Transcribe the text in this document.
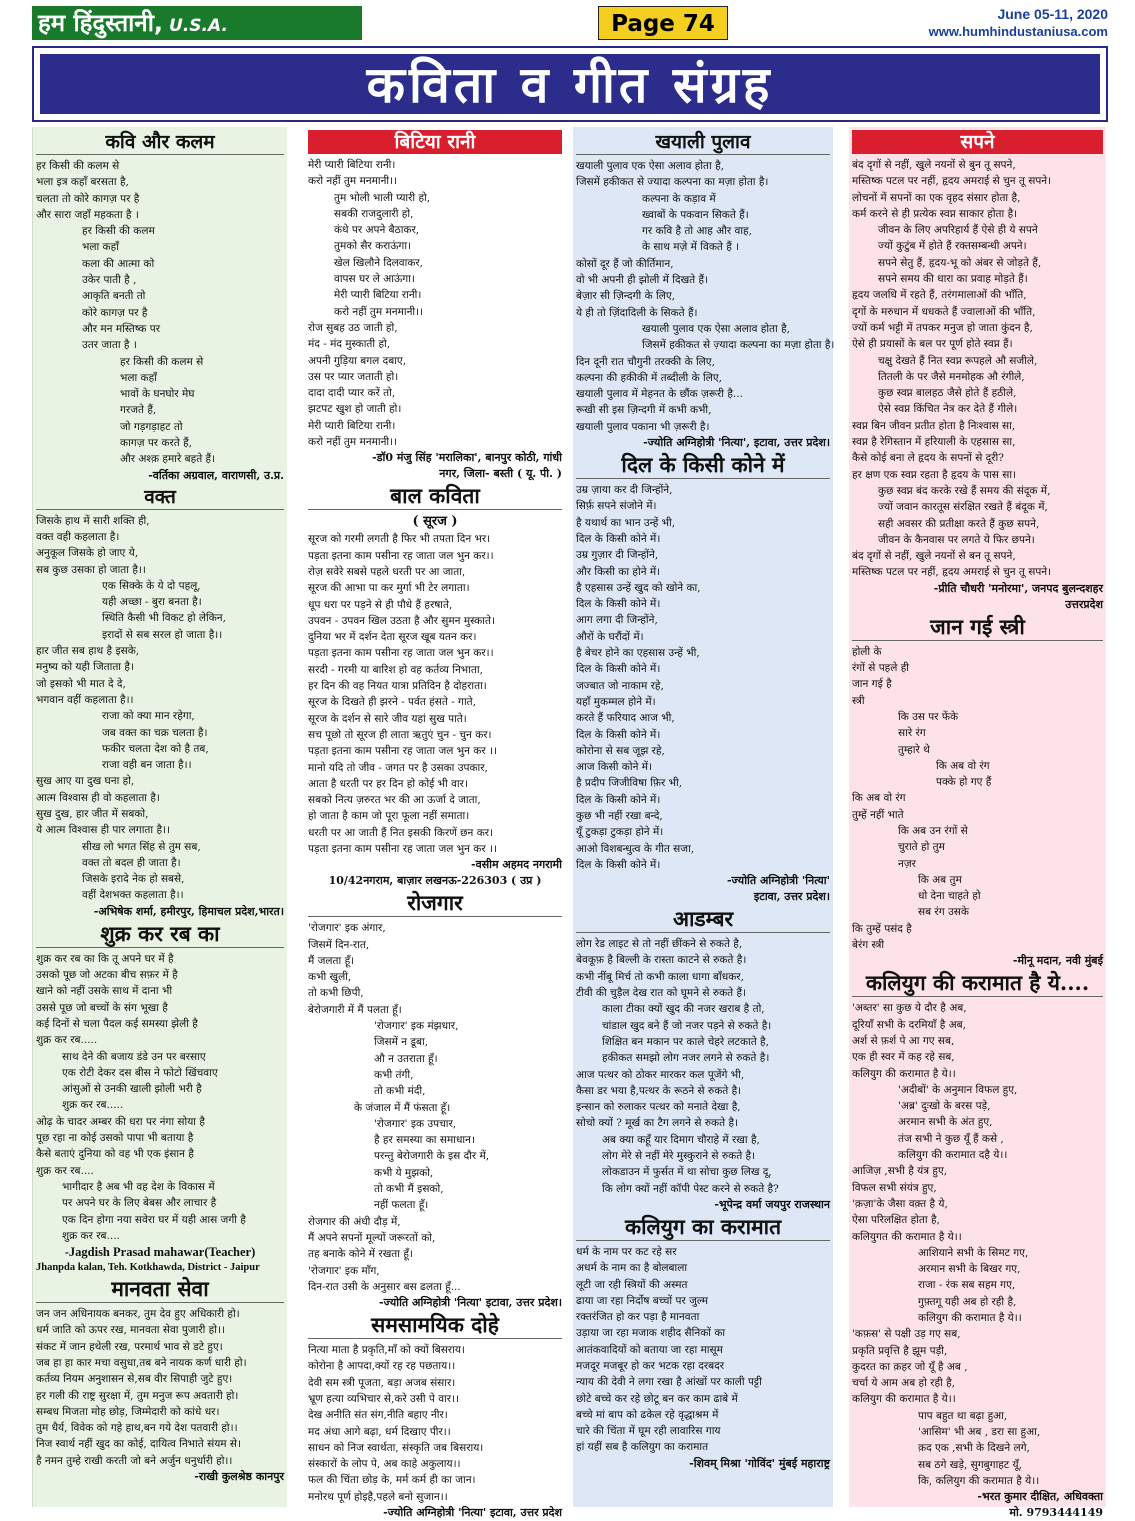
हम हिंदुस्तानी, U.S.A.	Page 74	June 05-11, 2020
www.humhindustaniusa.com
कविता व गीत संग्रह
कवि और कलम
हर किसी की कलम से
भला इत्र कहाँ बरसता है,
चलता तो कोरे कागज़ पर है
और सारा जहाँ महकता है ।
हर किसी की कलम
भला कहाँ
कला की आत्मा को
उकेर पाती है ,
आकृति बनती तो
कोरे कागज़ पर है
और मन मस्तिष्क पर
उतर जाता है ।
हर किसी की कलम से
भला कहाँ
भावों के घनघोर मेघ
गरजते हैं,
जो गड़गड़ाहट तो
कागज़ पर करते हैं,
और अश्क़ हमारे बहते हैं।
-वर्तिका अग्रवाल, वाराणसी, उ.प्र.
वक्त
जिसके हाथ में सारी शक्ति ही,
वक्त वही कहलाता है।
अनुकूल जिसके हो जाए ये,
सब कुछ उसका हो जाता है।।
एक सिक्के के ये दो पहलू,
यही अच्छा - बुरा बनता है।
स्थिति कैसी भी विकट हो लेकिन,
इरादों से सब सरल हो जाता है।।
हार जीत सब हाथ है इसके,
मनुष्य को यही जिताता है।
जो इसको भी मात दे दे,
भगवान वहीं कहलाता है।।
राजा को क्या मान रहेगा,
जब वक्त का चक्र चलता है।
फकीर चलता देश को है तब,
राजा वही बन जाता है।।
सुख आए या दुख घना हो,
आत्म विश्वास ही वो कहलाता है।
सुख दुख, हार जीत में सबको,
ये आत्म विश्वास ही पार लगाता है।।
सीख लो भगत सिंह से तुम सब,
वक्त तो बदल ही जाता है।
जिसके इरादे नेक हो सबसे,
वहीं देशभक्त कहलाता है।।
-अभिषेक शर्मा, हमीरपुर, हिमाचल प्रदेश,भारत।
शुक्र कर रब का
शुक्र कर रब का कि तू अपने घर में है
उसको पूछ जो अटका बीच सफ़र में है
खाने को नहीं उसके साथ में दाना भी
उससे पूछ जो बच्चों के संग भूखा है
कई दिनों से चला पैदल कई समस्या झेली है
शुक्र कर रब.....
साथ देने की बजाय डंडे उन पर बरसाए
एक रोटी देकर दस बीस ने फोटो खिंचवाए
आंसुओं से उनकी खाली झोली भरी है
शुक्र कर रब.....
ओढ़ के चादर अम्बर की धरा पर नंगा सोया है
पूछ रहा ना कोई उसको पापा भी बताया है
कैसे बताएं दुनिया को वह भी एक इंसान है
शुक्र कर रब....
भागीदार है अब भी वह देश के विकास में
पर अपने घर के लिए बेबस और लाचार है
एक दिन होगा नया सवेरा घर में यही आस जगी है
शुक्र कर रब....
-Jagdish Prasad mahawar(Teacher)
Jhanpda kalan, Teh. Kotkhawda, District - Jaipur
मानवता सेवा
जन जन अधिनायक बनकर, तुम देव हुए अधिकारी हो।
धर्म जाति को ऊपर रख, मानवता सेवा पुजारी हो।।
संकट में जान हथेली रख, परमार्थ भाव से डटे हुए।
जब हा हा कार मचा वसुधा,तब बने नायक कर्ण धारी हो।
कर्तव्य नियम अनुशासन से,सब वीर सिपाही जुटे हुए।
हर गली की राष्ट्र सुरक्षा में, तुम मनुज रूप अवतारी हो।
सम्बध मिजता मोह छोड़, जिम्मेदारी को कांधे धर।
तुम धैर्य, विवेक को गहे हाथ,बन गये देश पतवारी हो।।
निज स्वार्थ नहीं खुद का कोई, दायित्व निभाते संयम से।
है नमन तुम्हे राखी करती जो बने अर्जुन धनुर्धारी हो।।
-राखी कुलश्रेष्ठ कानपुर
बिटिया रानी
मेरी प्यारी बिटिया रानी।
करो नहीं तुम मनमानी।।
तुम भोली भाली प्यारी हो,
सबकी राजदुलारी हो,
कंधे पर अपने बैठाकर,
तुमको सैर कराऊंगा।
खेल खिलौने दिलवाकर,
वापस घर ले आऊंगा।
मेरी प्यारी बिटिया रानी।
करो नहीं तुम मनमानी।।
रोज सुबह उठ जाती हो,
मंद - मंद मुस्काती हो,
अपनी गुड़िया बगल दबाए,
उस पर प्यार जताती हो।
दादा दादी प्यार करें तो,
झटपट खुश हो जाती हो।
मेरी प्यारी बिटिया रानी।
करो नहीं तुम मनमानी।।
-डॉ0 मंजु सिंह 'मरालिका', बानपुर कोठी, गांधी
नगर, जिला- बस्ती ( यू. पी. )
बाल कविता
( सूरज )
सूरज को गरमी लगती है फिर भी तपता दिन भर।
पड़ता इतना काम पसीना रह जाता जल भुन कर।।
रोज़ सवेरे सबसे पहले धरती पर आ जाता,
सूरज की आभा पा कर मुर्गा भी टेर लगाता।
धूप धरा पर पड़ने से ही पौधे हैं हरषाते,
उपवन - उपवन खिल उठता है और सुमन मुस्काते।
दुनिया भर में दर्शन देता सूरज खूब यतन कर।
पड़ता इतना काम पसीना रह जाता जल भुन कर।।
सरदी - गरमी या बारिश हो वह कर्तव्य निभाता,
हर दिन की वह नियत यात्रा प्रतिदिन है दोहराता।
सूरज के दिखते ही झरने - पर्वत हंसते - गाते,
सूरज के दर्शन से सारे जीव यहां सुख पाते।
सच पूछो तो सूरज ही लाता ऋतुएं चुन - चुन कर।
पड़ता इतना काम पसीना रह जाता जल भुन कर ।।
मानो यदि तो जीव - जगत पर है उसका उपकार,
आता है धरती पर हर दिन हो कोई भी वार।
सबको नित्य ज़रुरत भर की आ ऊर्जा दे जाता,
हो जाता है काम जो पूरा फूला नहीं समाता।
धरती पर आ जाती हैं नित इसकी किरणें छन कर।
पड़ता इतना काम पसीना रह जाता जल भुन कर ।।
-वसीम अहमद नगरामी
10/42नगराम, बाज़ार लखनऊ-226303 ( उप्र )
रोजगार
'रोजगार' इक अंगार,
जिसमें दिन-रात,
मैं जलता हूँ।
कभी खुली,
तो कभी छिपी,
बेरोजगारी में मैं पलता हूँ।
'रोजगार' इक मंझधार,
जिसमें न डूबा,
औ न उतराता हूँ।
कभी तंगी,
तो कभी मंदी,
के जंजाल में मैं फंसता हूँ।
'रोजगार' इक उपचार,
है हर समस्या का समाधान।
परन्तु बेरोजगारी के इस दौर में,
कभी ये मुझको,
तो कभी मैं इसको,
नहीं फलता हूँ।
रोजगार की अंधी दौड़ में,
मैं अपने सपनों मूल्यों जरूरतों को,
तह बनाके कोने में रखता हूँ।
'रोजगार' इक माँग,
दिन-रात उसी के अनुसार बस ढलता हूँ...
-ज्योति अग्निहोत्री 'नित्या' इटावा, उत्तर प्रदेश।
समसामयिक दोहे
नित्या माता है प्रकृति,माँ को क्यों बिसराय।
कोरोना है आपदा,क्यों रह रह पछताय।।
देवी सम स्त्री पूजता, बड़ा अजब संसार।
भ्रूण हत्या व्यभिचार से,करे उसी पे वार।।
देख अनीति संत संग,नीति बहाए नीर।
मद अंधा आगे बढ़ा, धर्म दिखाए पीर।।
साधन को निज स्वार्थता, संस्कृति जब बिसराय।
संस्कारों के लोप पे, अब काहे अकुलाय।।
फल की चिंता छोड़ के, मर्म कर्म ही का जान।
मनोरथ पूर्ण होइहै,पहले बनो सुजान।।
-ज्योति अग्निहोत्री 'नित्या' इटावा, उत्तर प्रदेश
खयाली पुलाव
खयाली पुलाव एक ऐसा अलाव होता है,
जिसमें हकीकत से ज्यादा कल्पना का मज़ा होता है।
कल्पना के कड़ाव में
ख्वाबों के पकवान सिकते हैं।
गर कवि है तो आह और वाह,
के साथ मज़े में विकते हैं ।
कोसों दूर हैं जो कीर्तिमान,
वो भी अपनी ही झोली में दिखते हैं।
बेज़ार सी ज़िन्दगी के लिए,
ये ही तो ज़िंदादिली के सिकते हैं।
खयाली पुलाव एक ऐसा अलाव होता है,
जिसमें हकीकत से ज़्यादा कल्पना का मज़ा होता है।
दिन दूनी रात चौगुनी तरक्की के लिए,
कल्पना की हकीकी में तब्दीली के लिए,
खयाली पुलाव में मेहनत के छौंक ज़रूरी है...
रूखी सी इस ज़िन्दगी में कभी कभी,
खयाली पुलाव पकाना भी ज़रूरी है।
-ज्योति अग्निहोत्री 'नित्या', इटावा, उत्तर प्रदेश।
दिल के किसी कोने में
उम्र ज़ाया कर दी जिन्होंने,
सिर्फ़ सपने संजोने में।
है यथार्थ का भान उन्हें भी,
दिल के किसी कोने में।
उम्र गुज़ार दी जिन्होंने,
और किसी का होने में।
है एहसास उन्हें खुद को खोने का,
दिल के किसी कोने में।
आग लगा दी जिन्होंने,
औरों के घरौंदों में।
है बेचर होने का एहसास उन्हें भी,
दिल के किसी कोने में।
जज्बात जो नाकाम रहे,
यहाँ मुकम्मल होने में।
करते हैं फरियाद आज भी,
दिल के किसी कोने में।
कोरोना से सब जूझ रहे,
आज किसी कोने में।
है प्रदीप जिजीविषा फ़िर भी,
दिल के किसी कोने में।
कुछ भी नहीं रखा बन्दे,
यूँ टुकड़ा टुकड़ा होने में।
आओ विशबन्धुत्व के गीत सजा,
दिल के किसी कोने में।
-ज्योति अग्निहोत्री 'नित्या'
इटावा, उत्तर प्रदेश।
आडम्बर
लोग रेड लाइट से तो नहीं छींकने से रुकते है,
बेवकूफ़ है बिल्ली के रास्ता काटने से रुकते है।
कभी नींबू मिर्च तो कभी काला धागा बाँधकर,
टीवी की चुड़ैल देख रात को घूमने से रुकते हैं।
काला टीका क्यों खुद की नजर खराब है तो,
चांडाल खुद बने हैं जो नजर पड़ने से रुकते है।
शिक्षित बन मकान पर काले चेहरे लटकाते है,
हकीकत समझो लोग नजर लगने से रुकते है।
आज पत्थर को ठोकर मारकर कल पूजेंगे भी,
कैसा डर भया है,पत्थर के रूठने से रुकते है।
इन्सान को रुलाकर पत्थर को मनाते देखा है,
सोचो क्यों ? मूर्ख का टैग लगने से रुकते है।
अब क्या कहूँ यार दिमाग चौराहे में रखा है,
लोग मेरे से नहीं मेरे मुस्कुराने से रुकते है।
लोकडाउन में फुर्सत में था सोचा कुछ लिख दू,
कि लोग क्यों नहीं कॉपी पेस्ट करने से रुकते है?
-भूपेन्द्र वर्मा जयपुर राजस्थान
कलियुग का करामात
धर्म के नाम पर कट रहे सर
अधर्म के नाम का है बोलबाला
लूटी जा रही स्त्रियों की अस्मत
ढाया जा रहा निर्दोष बच्चों पर जुल्म
रक्तरंजित हो कर पड़ा है मानवता
उड़ाया जा रहा मजाक शहीद सैनिकों का
आतंकवादियों को बताया जा रहा मासूम
मजदूर मजबूर हो कर भटक रहा दरबदर
न्याय की देवी ने लगा रखा है आंखों पर काली पट्टी
छोटे बच्चे कर रहे छोटू बन कर काम ढाबे में
बच्चे मां बाप को ढकेल रहे वृद्धाश्रम में
चारे की चिंता में घूम रही लावारिस गाय
हां यहीं सब है कलियुग का करामात
-शिवम् मिश्रा 'गोविंद' मुंबई महाराष्ट्र
सपने
बंद दृगों से नहीं, खुले नयनों से बुन तू सपने,
मस्तिष्क पटल पर नहीं, हृदय अमराई से चुन तू सपने।
लोचनों में सपनों का एक वृहद संसार होता है,
कर्म करने से ही प्रत्येक स्वप्न साकार होता है।
जीवन के लिए अपरिहार्य हैं ऐसे ही ये सपने
ज्यों कुटुंब में होते हैं रक्तसम्बन्धी अपने।
सपने सेतु हैं, हृदय-भू को अंबर से जोड़ते हैं,
सपने समय की धारा का प्रवाह मोड़ते हैं।
हृदय जलधि में रहते हैं, तरंगमालाओं की भाँति,
दृगों के मरुधान में धधकते हैं ज्वालाओं की भाँति,
ज्यों कर्म भट्टी में तपकर मनुज हो जाता कुंदन है,
ऐसे ही प्रयासों के बल पर पूर्ण होते स्वप्न हैं।
चक्षु देखते हैं नित स्वप्न रूपहले औ सजीले,
तितली के पर जैसे मनमोहक औ रंगीले,
कुछ स्वप्न बालहठ जैसे होते हैं हठीले,
ऐसे स्वप्न किंचित नेत्र कर देते हैं गीले।
स्वप्न बिन जीवन प्रतीत होता है निःश्वास सा,
स्वप्न है रेगिस्तान में हरियाली के एहसास सा,
कैसे कोई बना ले हृदय के सपनों से दूरी?
हर क्षण एक स्वप्न रहता है हृदय के पास सा।
कुछ स्वप्न बंद करके रखे हैं समय की संदूक में,
ज्यों जवान कारतूस संरक्षित रखते हैं बंदूक में,
सही अवसर की प्रतीक्षा करते हैं कुछ सपने,
जीवन के कैनवास पर लगते ये फिर छपने।
बंद दृगों से नहीं, खुले नयनों से बन तू सपने,
मस्तिष्क पटल पर नहीं, हृदय अमराई से चुन तू सपने।
-प्रीति चौधरी 'मनोरमा', जनपद बुलन्दशहर
उत्तरप्रदेश
जान गई स्त्री
होली के
रंगों से पहले ही
जान गई है
स्त्री
कि उस पर फेंके
सारे रंग
तुम्हारे थे
कि अब वो रंग
पक्के हो गए हैं
कि अब वो रंग
तुम्हें नहीं भाते
कि अब उन रंगों से
चुराते हो तुम
नज़र
कि अब तुम
धो देना चाहते हो
सब रंग उसके
कि तुम्हें पसंद है
बेरंग स्त्री
-मीनू मदान, नवी मुंबई
कलियुग की करामात है ये....
'अब्तर' सा कुछ ये दौर है अब,
दूरियाँ सभी के दरमियाँ है अब,
अर्श से फ़र्श पे आ गए सब,
एक ही स्वर में कह रहे सब,
कलियुग की करामात है ये।।
'अदीबों' के अनुमान विफल हुए,
'अब्र' दुःखो के बरस पड़े,
अरमान सभी के अंत हुए,
तंज सभी ने कुछ यूँ हैं कसे ,
कलियुग की करामात दहै ये।।
आजिज़ ,सभी है यंत्र हुए,
विफल सभी संयंत्र हुए,
'क़ज़ा'के जैसा वक़्त है ये,
ऐसा परिलक्षित होता है,
कलियुगत की करामात है ये।।
आशियाने सभी के सिमट गए,
अरमान सभी के बिखर गए,
राजा - रंक सब सहम गए,
गुफ़्तगू यही अब हो रही है,
कलियुग की करामात है ये।।
'कफ़स' से पक्षी उड़ गए सब,
प्रकृति प्रवृत्ति है झूम पड़ी,
कुदरत का क़हर जो यूँ है अब ,
चर्चा ये आम अब हो रही है,
कलियुग की करामात है ये।।
पाप बहुत था बढ़ा हुआ,
'आसिम' भी अब , डरा सा हुआ,
क़द एक ,सभी के दिखने लगे,
सब ठगे खड़े, सुगबुगाहट यूँ,
कि, कलियुग की करामात है ये।।
-भरत कुमार दीक्षित, अधिवक्ता
मो. 9793444149
